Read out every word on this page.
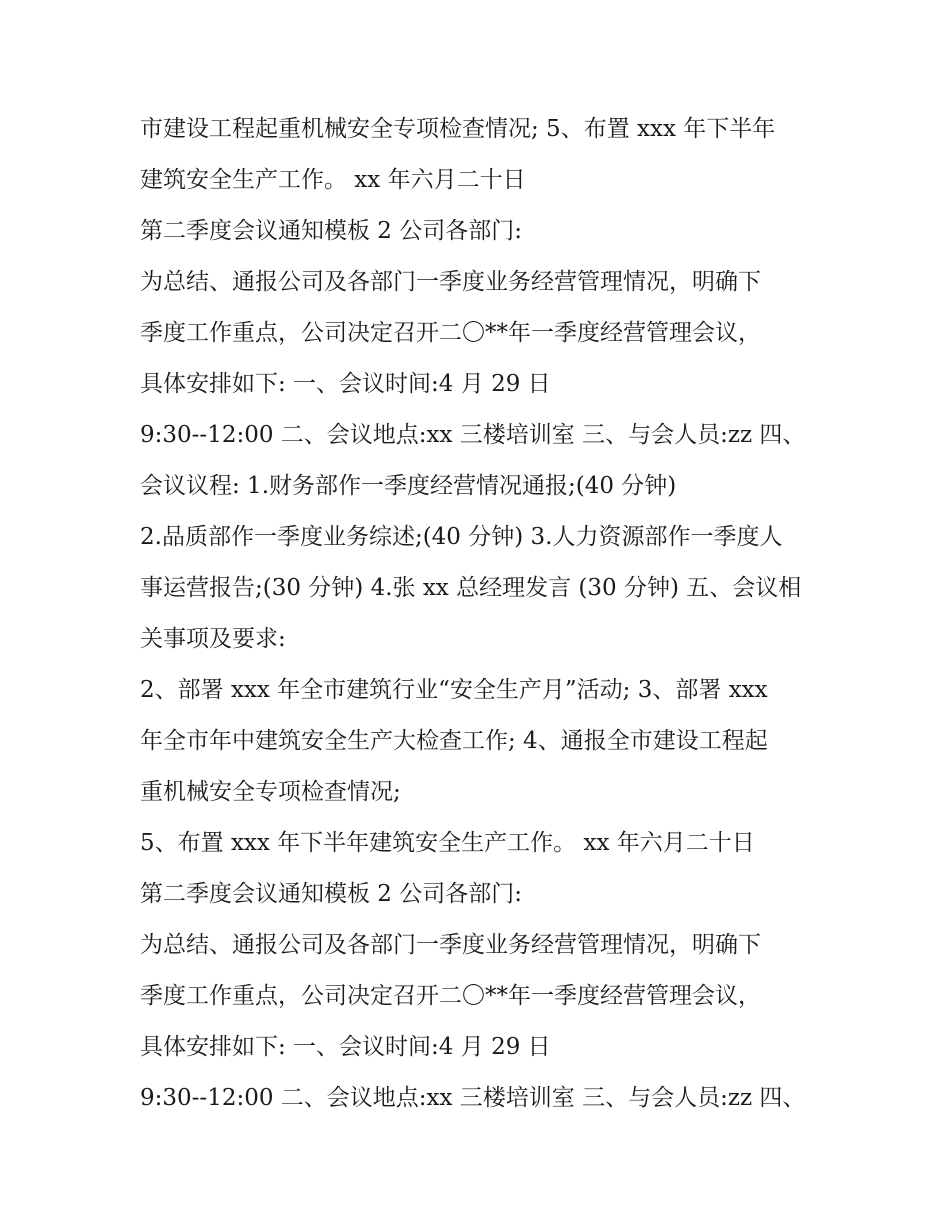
市建设工程起重机械安全专项检查情况; 5、布置 xxx 年下半年
建筑安全生产工作。 xx 年六月二十日
第二季度会议通知模板 2 公司各部门:
为总结、通报公司及各部门一季度业务经营管理情况，明确下
季度工作重点，公司决定召开二〇**年一季度经营管理会议，
具体安排如下: 一、会议时间:4 月 29 日
9:30--12:00 二、会议地点:xx 三楼培训室 三、与会人员:zz 四、
会议议程: 1.财务部作一季度经营情况通报;(40 分钟)
2.品质部作一季度业务综述;(40 分钟) 3.人力资源部作一季度人
事运营报告;(30 分钟) 4.张 xx 总经理发言 (30 分钟) 五、会议相
关事项及要求:
2、部署 xxx 年全市建筑行业“安全生产月”活动; 3、部署 xxx
年全市年中建筑安全生产大检查工作; 4、通报全市建设工程起
重机械安全专项检查情况;
5、布置 xxx 年下半年建筑安全生产工作。 xx 年六月二十日
第二季度会议通知模板 2 公司各部门:
为总结、通报公司及各部门一季度业务经营管理情况，明确下
季度工作重点，公司决定召开二〇**年一季度经营管理会议，
具体安排如下: 一、会议时间:4 月 29 日
9:30--12:00 二、会议地点:xx 三楼培训室 三、与会人员:zz 四、
